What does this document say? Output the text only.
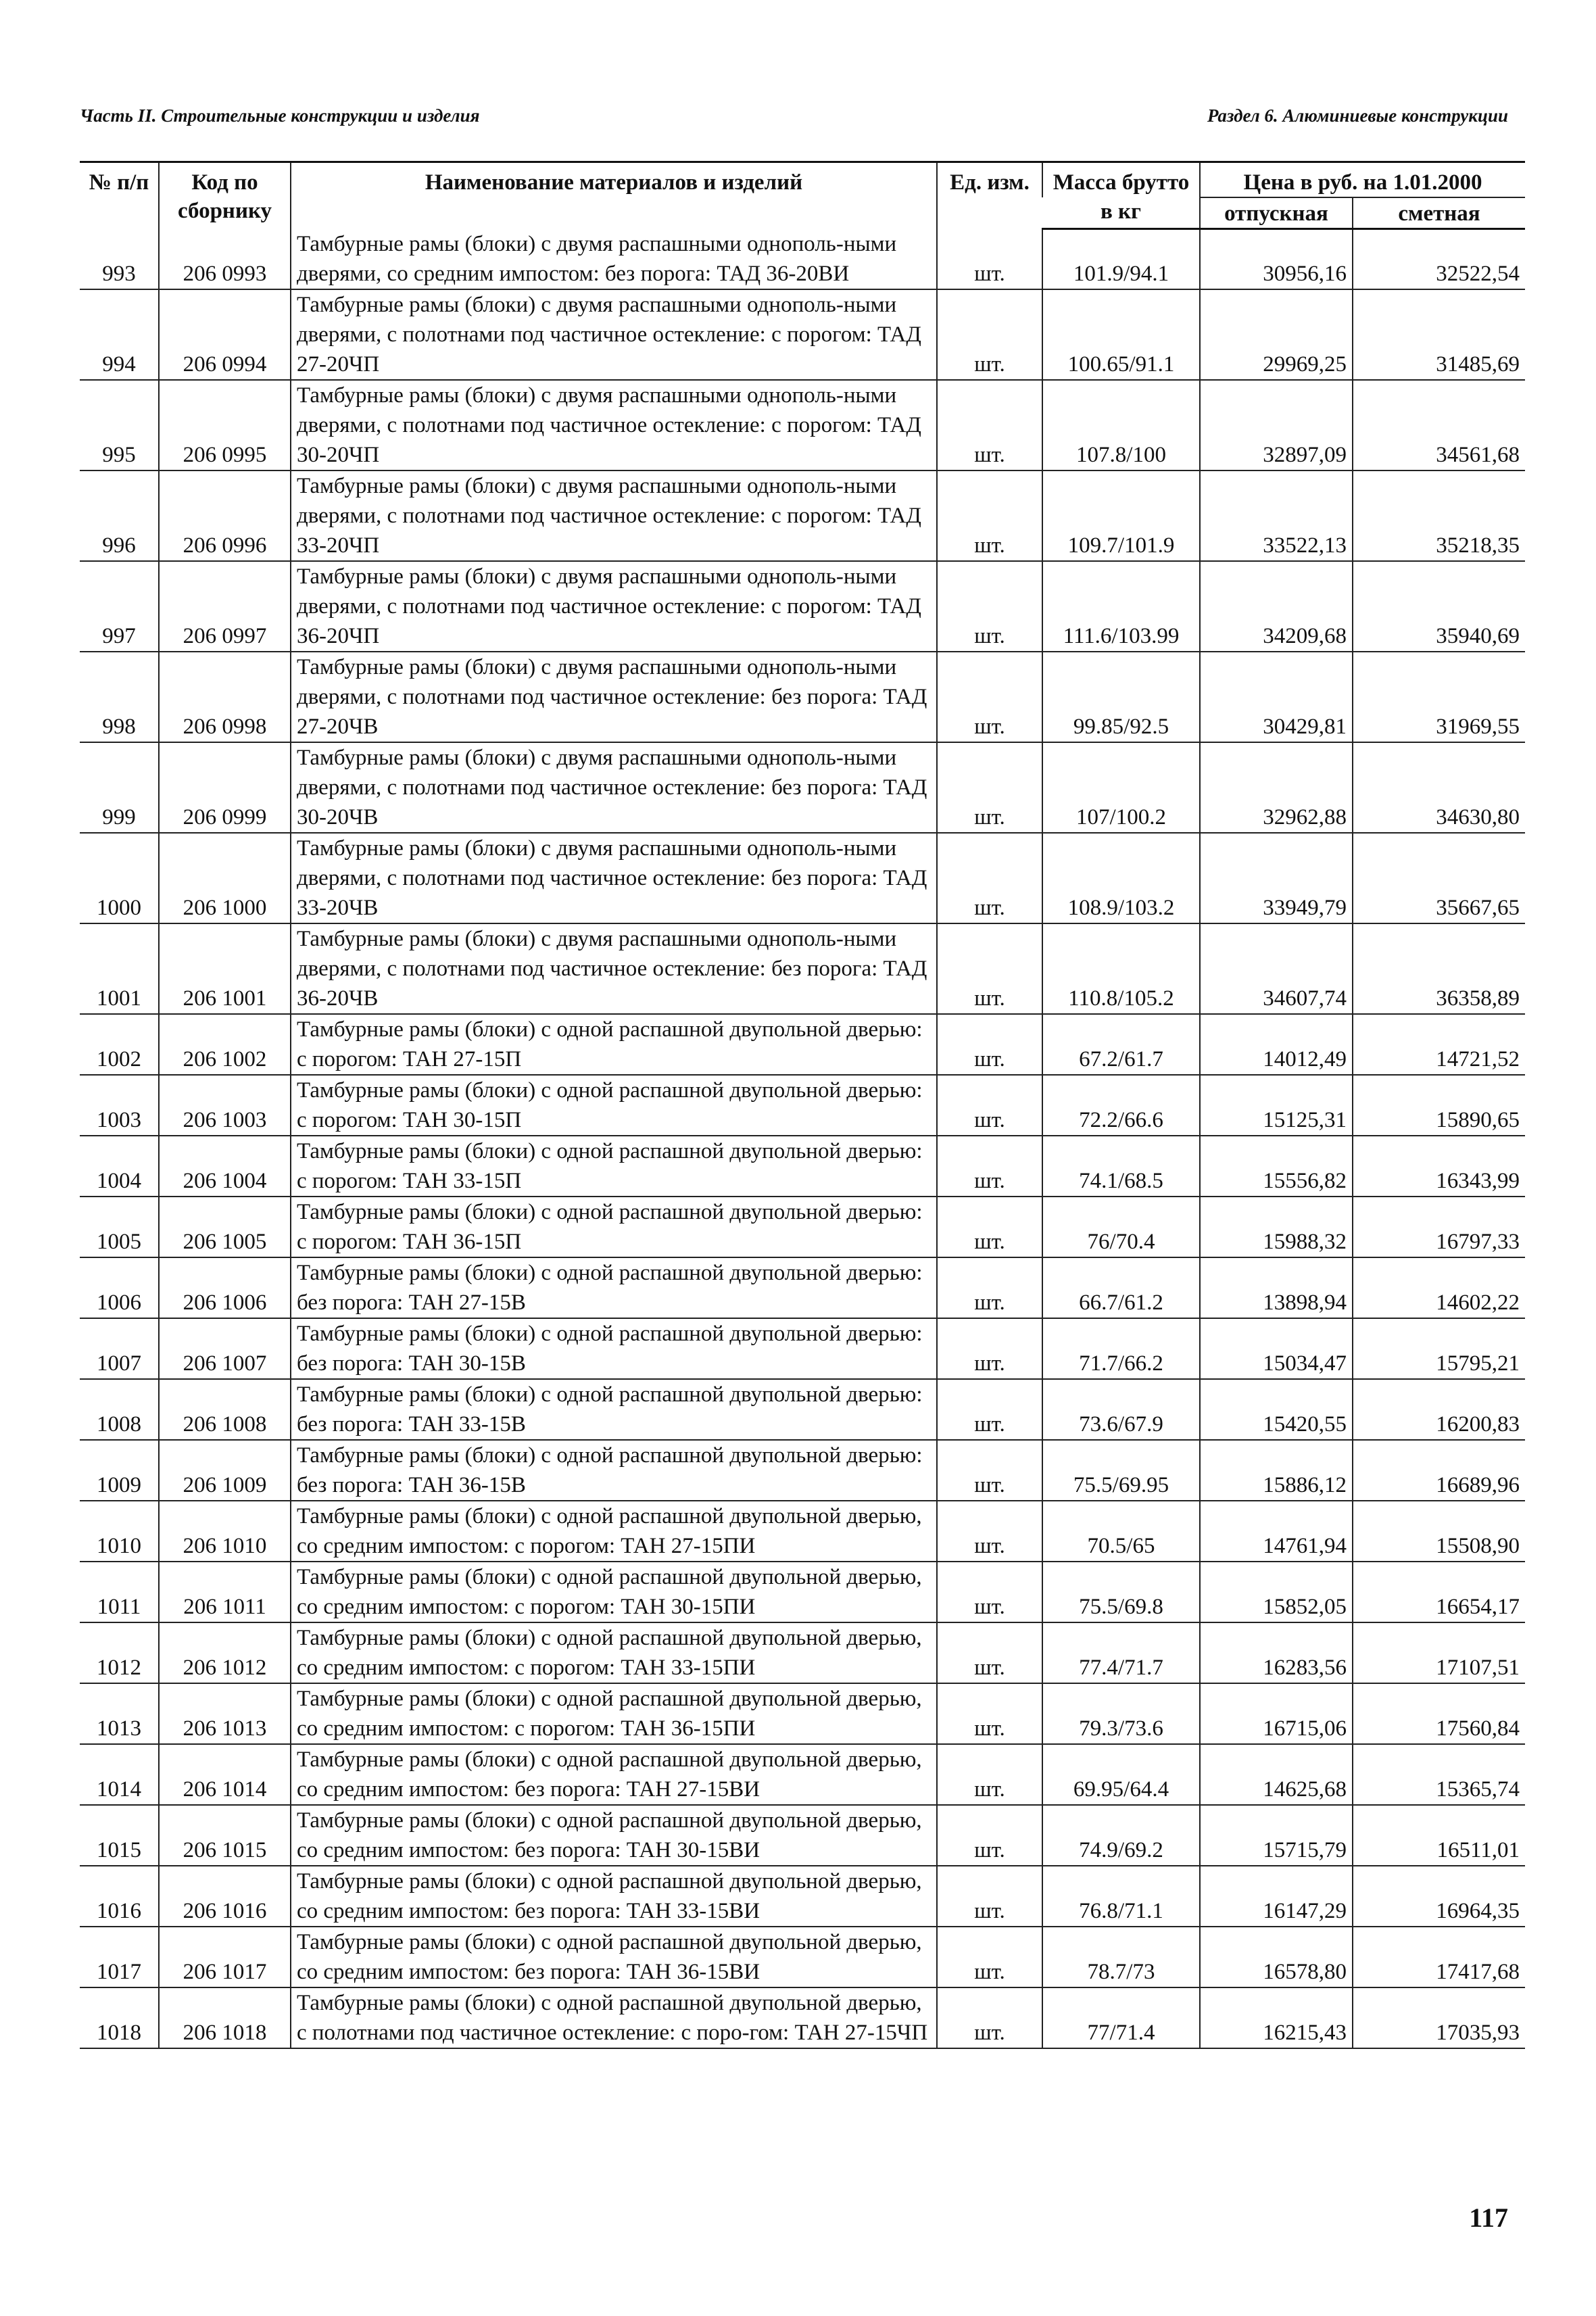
Часть II. Строительные конструкции и изделия	Раздел 6. Алюминиевые конструкции
№ п/п	Код по сборнику	Наименование материалов и изделий	Ед. изм.	Масса брутто	Цена в руб. на 1.01.2000	
				в кг	отпускная	сметная
993	206 0993	Тамбурные рамы (блоки) с двумя распашными однополь-ными дверями, со средним импостом: без порога: ТАД 36-20ВИ	шт.	101.9/94.1	30956,16	32522,54
994	206 0994	Тамбурные рамы (блоки) с двумя распашными однополь-ными дверями, с полотнами под частичное остекление: с порогом: ТАД 27-20ЧП	шт.	100.65/91.1	29969,25	31485,69
995	206 0995	Тамбурные рамы (блоки) с двумя распашными однополь-ными дверями, с полотнами под частичное остекление: с порогом: ТАД 30-20ЧП	шт.	107.8/100	32897,09	34561,68
996	206 0996	Тамбурные рамы (блоки) с двумя распашными однополь-ными дверями, с полотнами под частичное остекление: с порогом: ТАД 33-20ЧП	шт.	109.7/101.9	33522,13	35218,35
997	206 0997	Тамбурные рамы (блоки) с двумя распашными однополь-ными дверями, с полотнами под частичное остекление: с порогом: ТАД 36-20ЧП	шт.	111.6/103.99	34209,68	35940,69
998	206 0998	Тамбурные рамы (блоки) с двумя распашными однополь-ными дверями, с полотнами под частичное остекление: без порога: ТАД 27-20ЧВ	шт.	99.85/92.5	30429,81	31969,55
999	206 0999	Тамбурные рамы (блоки) с двумя распашными однополь-ными дверями, с полотнами под частичное остекление: без порога: ТАД 30-20ЧВ	шт.	107/100.2	32962,88	34630,80
1000	206 1000	Тамбурные рамы (блоки) с двумя распашными однополь-ными дверями, с полотнами под частичное остекление: без порога: ТАД 33-20ЧВ	шт.	108.9/103.2	33949,79	35667,65
1001	206 1001	Тамбурные рамы (блоки) с двумя распашными однополь-ными дверями, с полотнами под частичное остекление: без порога: ТАД 36-20ЧВ	шт.	110.8/105.2	34607,74	36358,89
1002	206 1002	Тамбурные рамы (блоки) с одной распашной двупольной дверью: с порогом: ТАН 27-15П	шт.	67.2/61.7	14012,49	14721,52
1003	206 1003	Тамбурные рамы (блоки) с одной распашной двупольной дверью: с порогом: ТАН 30-15П	шт.	72.2/66.6	15125,31	15890,65
1004	206 1004	Тамбурные рамы (блоки) с одной распашной двупольной дверью: с порогом: ТАН 33-15П	шт.	74.1/68.5	15556,82	16343,99
1005	206 1005	Тамбурные рамы (блоки) с одной распашной двупольной дверью: с порогом: ТАН 36-15П	шт.	76/70.4	15988,32	16797,33
1006	206 1006	Тамбурные рамы (блоки) с одной распашной двупольной дверью: без порога: ТАН 27-15В	шт.	66.7/61.2	13898,94	14602,22
1007	206 1007	Тамбурные рамы (блоки) с одной распашной двупольной дверью: без порога: ТАН 30-15В	шт.	71.7/66.2	15034,47	15795,21
1008	206 1008	Тамбурные рамы (блоки) с одной распашной двупольной дверью: без порога: ТАН 33-15В	шт.	73.6/67.9	15420,55	16200,83
1009	206 1009	Тамбурные рамы (блоки) с одной распашной двупольной дверью: без порога: ТАН 36-15В	шт.	75.5/69.95	15886,12	16689,96
1010	206 1010	Тамбурные рамы (блоки) с одной распашной двупольной дверью, со средним импостом: с порогом: ТАН 27-15ПИ	шт.	70.5/65	14761,94	15508,90
1011	206 1011	Тамбурные рамы (блоки) с одной распашной двупольной дверью, со средним импостом: с порогом: ТАН 30-15ПИ	шт.	75.5/69.8	15852,05	16654,17
1012	206 1012	Тамбурные рамы (блоки) с одной распашной двупольной дверью, со средним импостом: с порогом: ТАН 33-15ПИ	шт.	77.4/71.7	16283,56	17107,51
1013	206 1013	Тамбурные рамы (блоки) с одной распашной двупольной дверью, со средним импостом: с порогом: ТАН 36-15ПИ	шт.	79.3/73.6	16715,06	17560,84
1014	206 1014	Тамбурные рамы (блоки) с одной распашной двупольной дверью, со средним импостом: без порога: ТАН 27-15ВИ	шт.	69.95/64.4	14625,68	15365,74
1015	206 1015	Тамбурные рамы (блоки) с одной распашной двупольной дверью, со средним импостом: без порога: ТАН 30-15ВИ	шт.	74.9/69.2	15715,79	16511,01
1016	206 1016	Тамбурные рамы (блоки) с одной распашной двупольной дверью, со средним импостом: без порога: ТАН 33-15ВИ	шт.	76.8/71.1	16147,29	16964,35
1017	206 1017	Тамбурные рамы (блоки) с одной распашной двупольной дверью, со средним импостом: без порога: ТАН 36-15ВИ	шт.	78.7/73	16578,80	17417,68
1018	206 1018	Тамбурные рамы (блоки) с одной распашной двупольной дверью, с полотнами под частичное остекление: с поро-гом: ТАН 27-15ЧП	шт.	77/71.4	16215,43	17035,93
117
